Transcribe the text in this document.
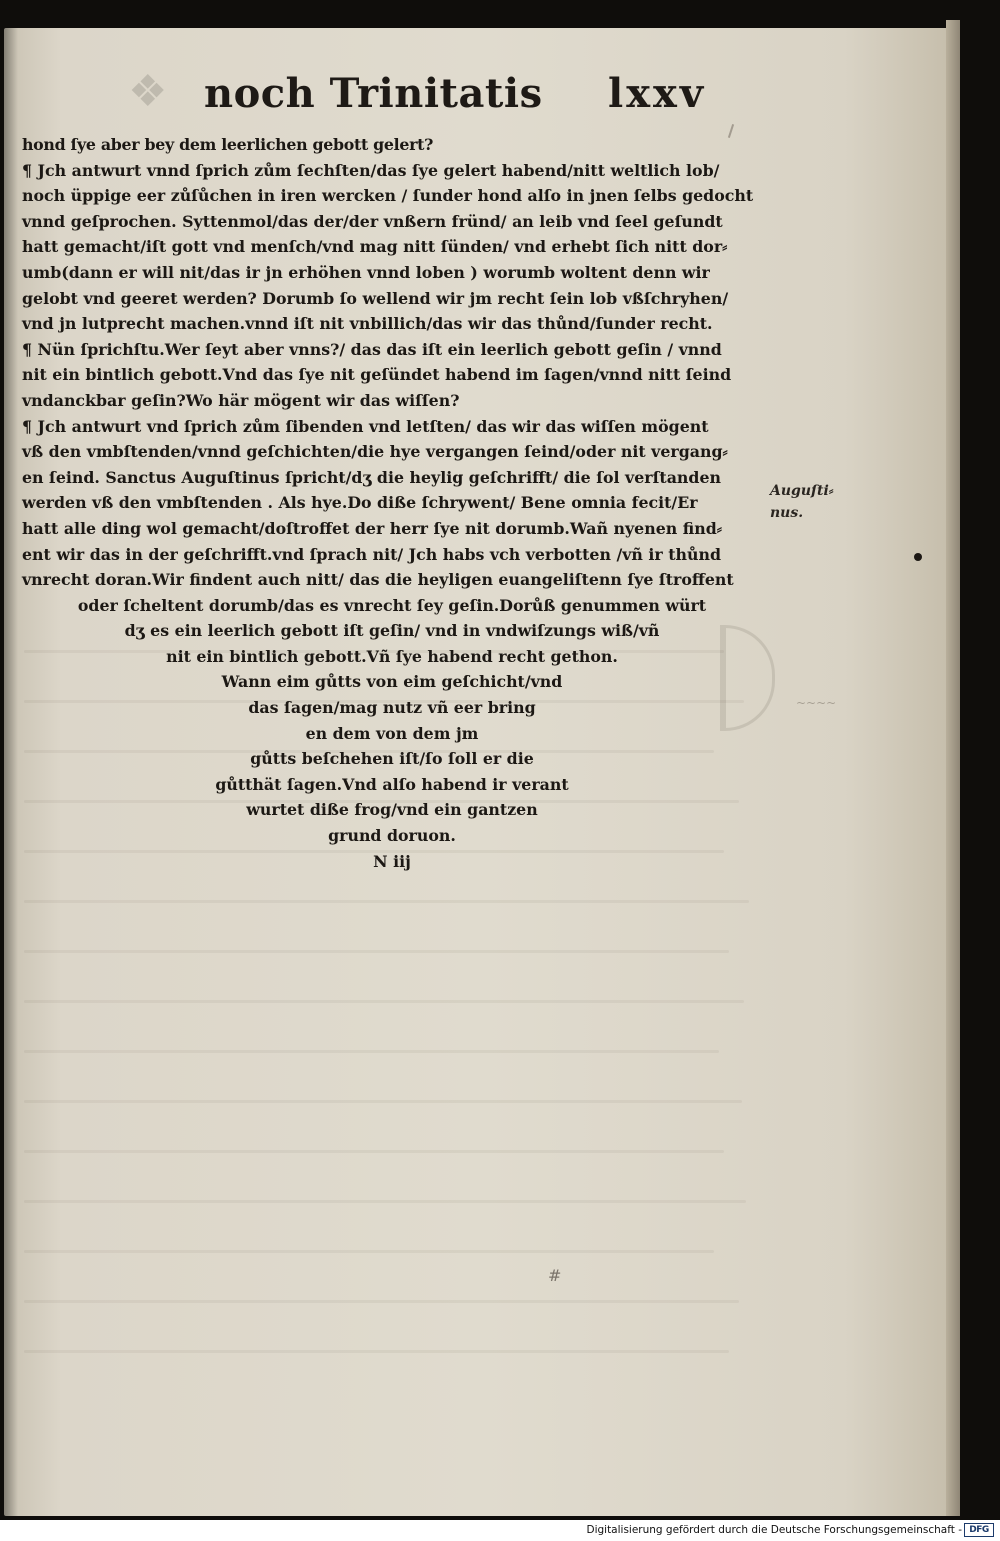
❖ noch Trinitatis lxxv
~~~~
hond ſye aber bey dem leerlichen gebott gelert?
¶ Jch antwurt vnnd ſprich zům ſechſten/das ſye gelert habend/nitt weltlich lob/
noch üppige eer zůſůchen in iren wercken / ſunder hond alſo in jnen ſelbs gedocht
vnnd geſprochen. Syttenmol/das der/der vnßern fründ/ an leib vnd ſeel geſundt
hatt gemacht/iſt gott vnd menſch/vnd mag nitt ſünden/ vnd erhebt ſich nitt dor⸗
umb(dann er will nit/das ir jn erhöhen vnnd loben ) worumb woltent denn wir
gelobt vnd geeret werden? Dorumb ſo wellend wir jm recht ſein lob vßſchryhen/
vnd jn lutprecht machen.vnnd iſt nit vnbillich/das wir das thůnd/ſunder recht.
¶ Nün ſprichſtu.Wer ſeyt aber vnns?/ das das iſt ein leerlich gebott geſin / vnnd
nit ein bintlich gebott.Vnd das ſye nit geſündet habend im ſagen/vnnd nitt ſeind
vndanckbar geſin?Wo här mögent wir das wiſſen?
¶ Jch antwurt vnd ſprich zům ſibenden vnd letſten/ das wir das wiſſen mögent
vß den vmbſtenden/vnnd geſchichten/die hye vergangen ſeind/oder nit vergang⸗
en ſeind. Sanctus Auguſtinus ſpricht/dʒ die heylig geſchrifft/ die ſol verſtanden
werden vß den vmbſtenden . Als hye.Do diße ſchrywent/ Bene omnia fecit/Er
hatt alle ding wol gemacht/doſtroffet der herr ſye nit dorumb.Wañ nyenen find⸗
ent wir das in der geſchrifft.vnd ſprach nit/ Jch habs vch verbotten /vñ ir thůnd
vnrecht doran.Wir findent auch nitt/ das die heyligen euangeliſtenn ſye ſtroffent
oder ſcheltent dorumb/das es vnrecht ſey geſin.Dorůß genummen würt
dʒ es ein leerlich gebott iſt geſin/ vnd in vndwiſzungs wiß/vñ
nit ein bintlich gebott.Vñ ſye habend recht gethon.
Wann eim gůtts von eim geſchicht/vnd
das ſagen/mag nutz vñ eer bring
en dem von dem jm
gůtts beſchehen iſt/ſo ſoll er die
gůtthät ſagen.Vnd alſo habend ir verant
wurtet diße frog/vnd ein gantzen
grund doruon.
N iij
Auguſti⸗
nus.
#
Digitalisierung gefördert durch die Deutsche Forschungsgemeinschaft - DFG
